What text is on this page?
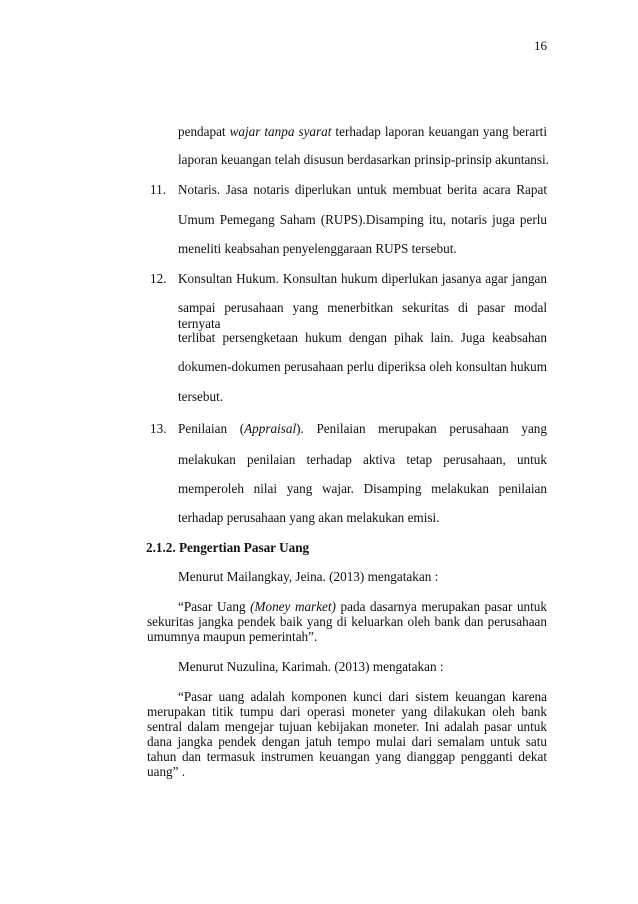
16
pendapat wajar tanpa syarat terhadap laporan keuangan yang berarti
laporan keuangan telah disusun berdasarkan prinsip-prinsip akuntansi.
11. Notaris. Jasa notaris diperlukan untuk membuat berita acara Rapat
Umum Pemegang Saham (RUPS).Disamping itu, notaris juga perlu
meneliti keabsahan penyelenggaraan RUPS tersebut.
12. Konsultan Hukum. Konsultan hukum diperlukan jasanya agar jangan
sampai perusahaan yang menerbitkan sekuritas di pasar modal ternyata
terlibat persengketaan hukum dengan pihak lain. Juga keabsahan
dokumen-dokumen perusahaan perlu diperiksa oleh konsultan hukum
tersebut.
13. Penilaian (Appraisal). Penilaian merupakan perusahaan yang
melakukan penilaian terhadap aktiva tetap perusahaan, untuk
memperoleh nilai yang wajar. Disamping melakukan penilaian
terhadap perusahaan yang akan melakukan emisi.
2.1.2. Pengertian Pasar Uang
Menurut Mailangkay, Jeina. (2013) mengatakan :
“Pasar Uang (Money market) pada dasarnya merupakan pasar untuk
sekuritas jangka pendek baik yang di keluarkan oleh bank dan perusahaan
umumnya maupun pemerintah”.
Menurut Nuzulina, Karimah. (2013) mengatakan :
“Pasar uang adalah komponen kunci dari sistem keuangan karena
merupakan titik tumpu dari operasi moneter yang dilakukan oleh bank
sentral dalam mengejar tujuan kebijakan moneter. Ini adalah pasar untuk
dana jangka pendek dengan jatuh tempo mulai dari semalam untuk satu
tahun dan termasuk instrumen keuangan yang dianggap pengganti dekat
uang” .
